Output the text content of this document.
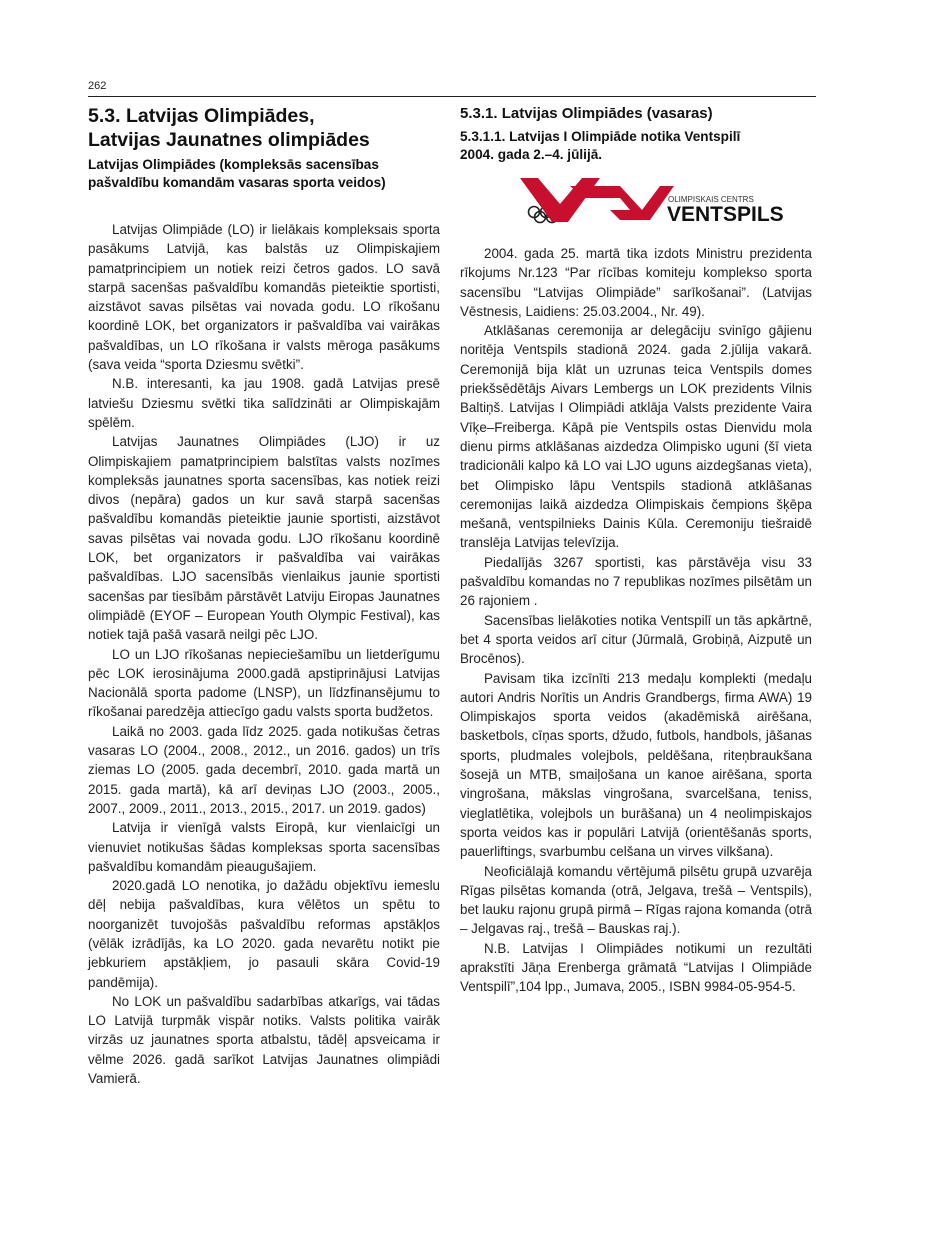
262
5.3. Latvijas Olimpiādes,
Latvijas Jaunatnes olimpiādes
Latvijas Olimpiādes (kompleksās sacensības
pašvaldību komandām vasaras sporta veidos)

Latvijas Olimpiāde (LO) ir lielākais kompleksais sporta pasākums Latvijā, kas balstās uz Olimpiskajiem pamatprincipiem un notiek reizi četros gados. LO savā starpā sacenšas pašvaldību komandās pieteiktie sportisti, aizstāvot savas pilsētas vai novada godu. LO rīkošanu koordinē LOK, bet organizators ir pašvaldība vai vairākas pašvaldības, un LO rīkošana ir valsts mēroga pasākums (sava veida “sporta Dziesmu svētki”.

N.B. interesanti, ka jau 1908. gadā Latvijas presē latviešu Dziesmu svētki tika salīdzināti ar Olimpiskajām spēlēm.

Latvijas Jaunatnes Olimpiādes (LJO) ir uz Olimpiskajiem pamatprincipiem balstītas valsts nozīmes kompleksās jaunatnes sporta sacensības, kas notiek reizi divos (nepāra) gados un kur savā starpā sacenšas pašvaldību komandās pieteiktie jaunie sportisti, aizstāvot savas pilsētas vai novada godu. LJO rīkošanu koordinē LOK, bet organizators ir pašvaldība vai vairākas pašvaldības. LJO sacensībās vienlaikus jaunie sportisti sacenšas par tiesībām pārstāvēt Latviju Eiropas Jaunatnes olimpiādē (EYOF – European Youth Olympic Festival), kas notiek tajā pašā vasarā neilgi pēc LJO.

LO un LJO rīkošanas nepieciešamību un lietderīgumu pēc LOK ierosinājuma 2000.gadā apstiprinājusi Latvijas Nacionālā sporta padome (LNSP), un līdzfinansējumu to rīkošanai paredzēja attiecīgo gadu valsts sporta budžetos.

Laikā no 2003. gada līdz 2025. gada notikušas četras vasaras LO (2004., 2008., 2012., un 2016. gados) un trīs ziemas LO (2005. gada decembrī, 2010. gada martā un 2015. gada martā), kā arī deviņas LJO (2003., 2005., 2007., 2009., 2011., 2013., 2015., 2017. un 2019. gados)

Latvija ir vienīgā valsts Eiropā, kur vienlaicīgi un vienuviet notikušas šādas kompleksas sporta sacensības pašvaldību komandām pieaugušajiem.

2020.gadā LO nenotika, jo dažādu objektīvu iemeslu dēļ nebija pašvaldības, kura vēlētos un spētu to noorganizēt tuvojošās pašvaldību reformas apstākļos (vēlāk izrādījās, ka LO 2020. gada nevarētu notikt pie jebkuriem apstākļiem, jo pasauli skāra Covid-19 pandēmija).

No LOK un pašvaldību sadarbības atkarīgs, vai tādas LO Latvijā turpmāk vispār notiks. Valsts politika vairāk virzās uz jaunatnes sporta atbalstu, tādēļ apsveicama ir vēlme 2026. gadā sarīkot Latvijas Jaunatnes olimpiādi Vamierā.

5.3.1. Latvijas Olimpiādes (vasaras)
5.3.1.1. Latvijas I Olimpiāde notika Ventspilī
2004. gada 2.–4. jūlijā.
OLIMPISKAIS CENTRS
VENTSPILS

2004. gada 25. martā tika izdots Ministru prezidenta rīkojums Nr.123 “Par rīcības komiteju komplekso sporta sacensību “Latvijas Olimpiāde” sarīkošanai”. (Latvijas Vēstnesis, Laidiens: 25.03.2004., Nr. 49).

Atklāšanas ceremonija ar delegāciju svinīgo gājienu noritēja Ventspils stadionā 2024. gada 2.jūlija vakarā. Ceremonijā bija klāt un uzrunas teica Ventspils domes priekšsēdētājs Aivars Lembergs un LOK prezidents Vilnis Baltiņš. Latvijas I Olimpiādi atklāja Valsts prezidente Vaira Vīķe–Freiberga. Kāpā pie Ventspils ostas Dienvidu mola dienu pirms atklāšanas aizdedza Olimpisko uguni (šī vieta tradicionāli kalpo kā LO vai LJO uguns aizdegšanas vieta), bet Olimpisko lāpu Ventspils stadionā atklāšanas ceremonijas laikā aizdedza Olimpiskais čempions šķēpa mešanā, ventspilnieks Dainis Kūla. Ceremoniju tiešraidē translēja Latvijas televīzija.

Piedalījās 3267 sportisti, kas pārstāvēja visu 33 pašvaldību komandas no 7 republikas nozīmes pilsētām un 26 rajoniem .

Sacensības lielākoties notika Ventspilī un tās apkārtnē, bet 4 sporta veidos arī citur (Jūrmalā, Grobiņā, Aizputē un Brocēnos).

Pavisam tika izcīnīti 213 medaļu komplekti (medaļu autori Andris Norītis un Andris Grandbergs, firma AWA) 19 Olimpiskajos sporta veidos (akadēmiskā airēšana, basketbols, cīņas sports, džudo, futbols, handbols, jāšanas sports, pludmales volejbols, peldēšana, riteņbraukšana šosejā un MTB, smaiļošana un kanoe airēšana, sporta vingrošana, mākslas vingrošana, svarcelšana, teniss, vieglatlētika, volejbols un burāšana) un 4 neolimpiskajos sporta veidos kas ir populāri Latvijā (orientēšanās sports, pauerliftings, svarbumbu celšana un virves vilkšana).

Neoficiālajā komandu vērtējumā pilsētu grupā uzvarēja Rīgas pilsētas komanda (otrā, Jelgava, trešā – Ventspils), bet lauku rajonu grupā pirmā – Rīgas rajona komanda (otrā – Jelgavas raj., trešā – Bauskas raj.).

N.B. Latvijas I Olimpiādes notikumi un rezultāti aprakstīti Jāņa Erenberga grāmatā “Latvijas I Olimpiāde Ventspilī”,104 lpp., Jumava, 2005., ISBN 9984-05-954-5.
